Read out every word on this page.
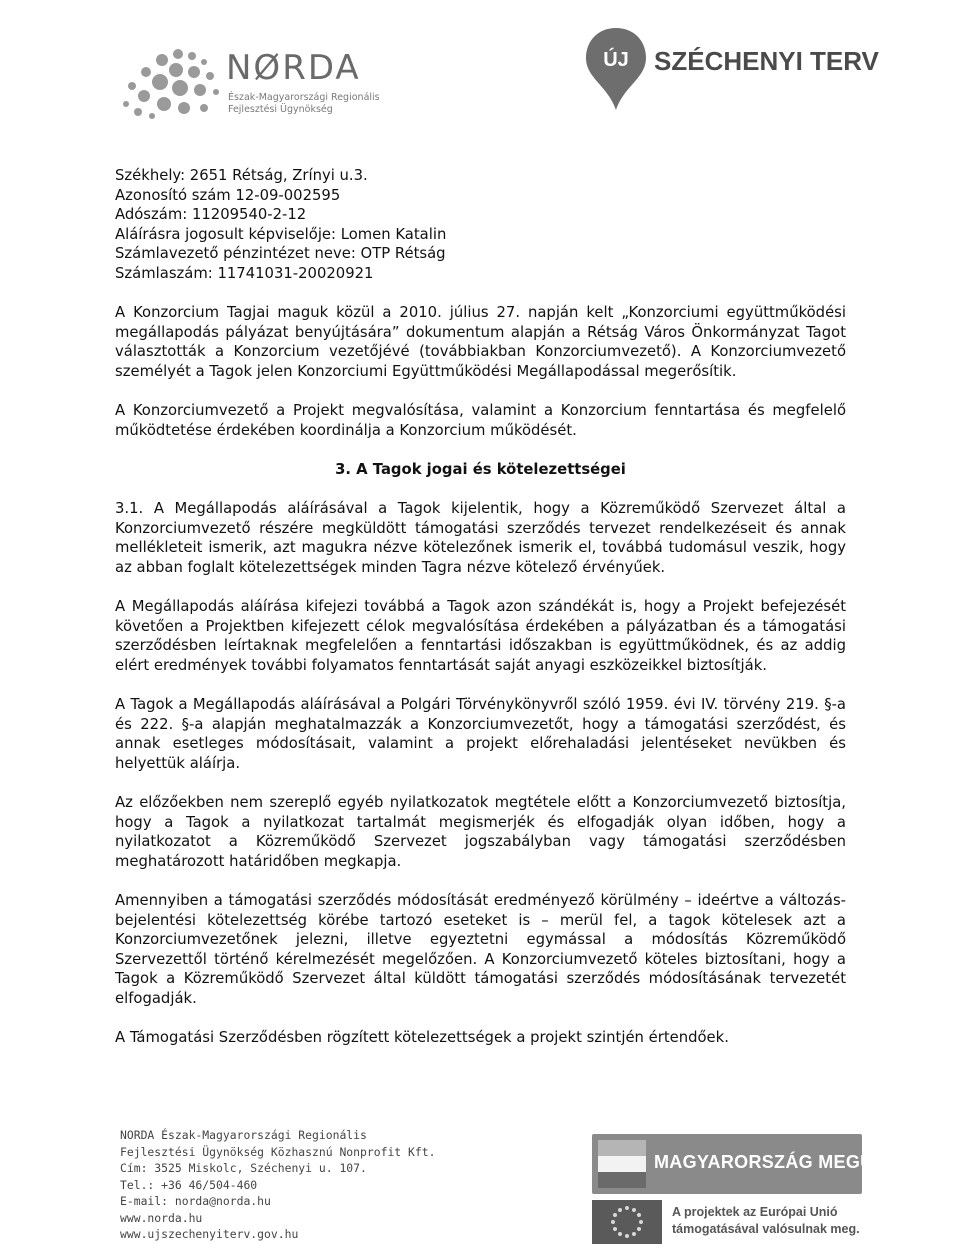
NØRDA
Észak-Magyarországi Regionális
Fejlesztési Ügynökség
ÚJ SZÉCHENYI TERV
Székhely: 2651 Rétság, Zrínyi u.3.
Azonosító szám 12-09-002595
Adószám: 11209540-2-12
Aláírásra jogosult képviselője: Lomen Katalin
Számlavezető pénzintézet neve: OTP Rétság
Számlaszám: 11741031-20020921

A Konzorcium Tagjai maguk közül a 2010. július 27. napján kelt „Konzorciumi együttműködési megállapodás pályázat benyújtására” dokumentum alapján a Rétság Város Önkormányzat Tagot választották a Konzorcium vezetőjévé (továbbiakban Konzorciumvezető). A Konzorciumvezető személyét a Tagok jelen Konzorciumi Együttműködési Megállapodással megerősítik.

A Konzorciumvezető a Projekt megvalósítása, valamint a Konzorcium fenntartása és megfelelő működtetése érdekében koordinálja a Konzorcium működését.

3. A Tagok jogai és kötelezettségei

3.1. A Megállapodás aláírásával a Tagok kijelentik, hogy a Közreműködő Szervezet által a Konzorciumvezető részére megküldött támogatási szerződés tervezet rendelkezéseit és annak mellékleteit ismerik, azt magukra nézve kötelezőnek ismerik el, továbbá tudomásul veszik, hogy az abban foglalt kötelezettségek minden Tagra nézve kötelező érvényűek.

A Megállapodás aláírása kifejezi továbbá a Tagok azon szándékát is, hogy a Projekt befejezését követően a Projektben kifejezett célok megvalósítása érdekében a pályázatban és a támogatási szerződésben leírtaknak megfelelően a fenntartási időszakban is együttműködnek, és az addig elért eredmények további folyamatos fenntartását saját anyagi eszközeikkel biztosítják.

A Tagok a Megállapodás aláírásával a Polgári Törvénykönyvről szóló 1959. évi IV. törvény 219. §-a és 222. §-a alapján meghatalmazzák a Konzorciumvezetőt, hogy a támogatási szerződést, és annak esetleges módosításait, valamint a projekt előrehaladási jelentéseket nevükben és helyettük aláírja.

Az előzőekben nem szereplő egyéb nyilatkozatok megtétele előtt a Konzorciumvezető biztosítja, hogy a Tagok a nyilatkozat tartalmát megismerjék és elfogadják olyan időben, hogy a nyilatkozatot a Közreműködő Szervezet jogszabályban vagy támogatási szerződésben meghatározott határidőben megkapja.

Amennyiben a támogatási szerződés módosítását eredményező körülmény – ideértve a változás-bejelentési kötelezettség körébe tartozó eseteket is – merül fel, a tagok kötelesek azt a Konzorciumvezetőnek jelezni, illetve egyeztetni egymással a módosítás Közreműködő Szervezettől történő kérelmezését megelőzően. A Konzorciumvezető köteles biztosítani, hogy a Tagok a Közreműködő Szervezet által küldött támogatási szerződés módosításának tervezetét elfogadják.

A Támogatási Szerződésben rögzített kötelezettségek a projekt szintjén értendőek.

NORDA Észak-Magyarországi Regionális
Fejlesztési Ügynökség Közhasznú Nonprofit Kft.
Cím: 3525 Miskolc, Széchenyi u. 107.
Tel.: +36 46/504-460
E-mail: norda@norda.hu
www.norda.hu
www.ujszechenyiterv.gov.hu
MAGYARORSZÁG MEGÚJUL
A projektek az Európai Unió
támogatásával valósulnak meg.
